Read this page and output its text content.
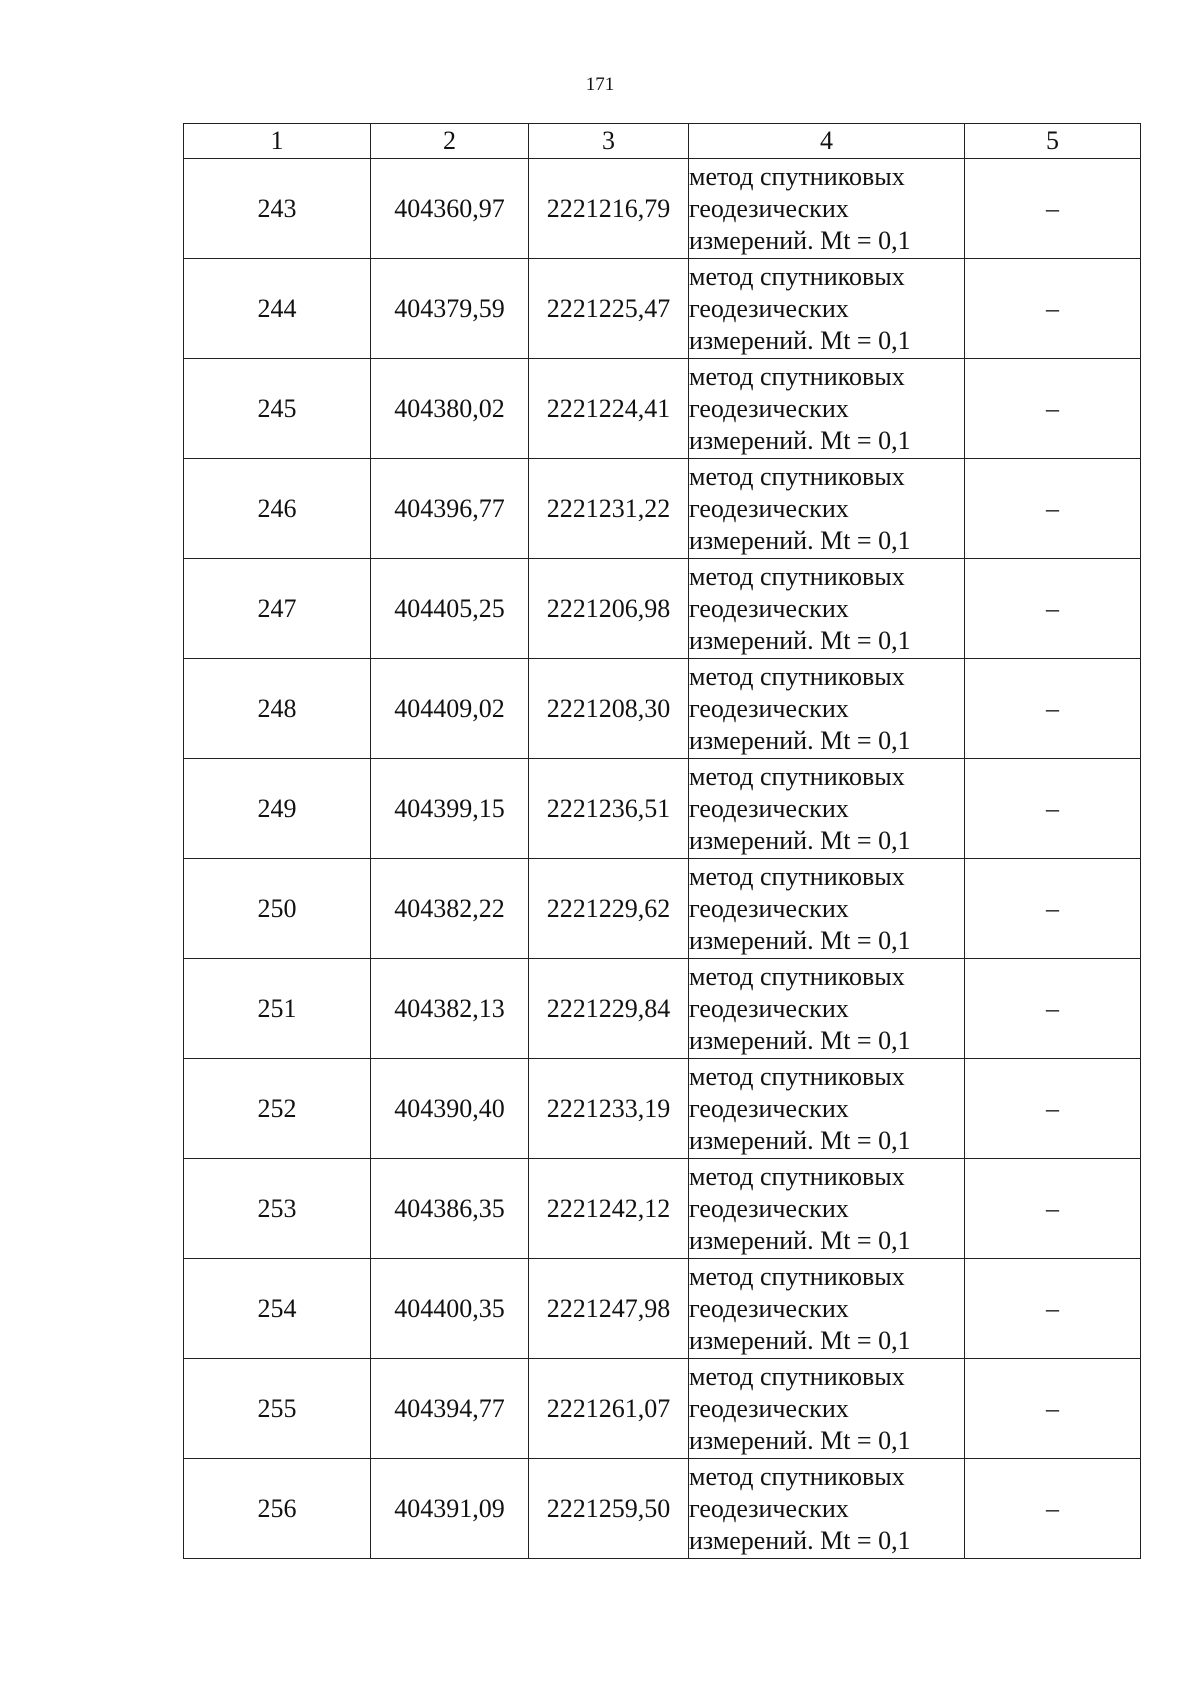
171
1	2	3	4	5
243	404360,97	2221216,79	метод спутниковых
геодезических
измерений. Mt = 0,1	–
244	404379,59	2221225,47	метод спутниковых
геодезических
измерений. Mt = 0,1	–
245	404380,02	2221224,41	метод спутниковых
геодезических
измерений. Mt = 0,1	–
246	404396,77	2221231,22	метод спутниковых
геодезических
измерений. Mt = 0,1	–
247	404405,25	2221206,98	метод спутниковых
геодезических
измерений. Mt = 0,1	–
248	404409,02	2221208,30	метод спутниковых
геодезических
измерений. Mt = 0,1	–
249	404399,15	2221236,51	метод спутниковых
геодезических
измерений. Mt = 0,1	–
250	404382,22	2221229,62	метод спутниковых
геодезических
измерений. Mt = 0,1	–
251	404382,13	2221229,84	метод спутниковых
геодезических
измерений. Mt = 0,1	–
252	404390,40	2221233,19	метод спутниковых
геодезических
измерений. Mt = 0,1	–
253	404386,35	2221242,12	метод спутниковых
геодезических
измерений. Mt = 0,1	–
254	404400,35	2221247,98	метод спутниковых
геодезических
измерений. Mt = 0,1	–
255	404394,77	2221261,07	метод спутниковых
геодезических
измерений. Mt = 0,1	–
256	404391,09	2221259,50	метод спутниковых
геодезических
измерений. Mt = 0,1	–
